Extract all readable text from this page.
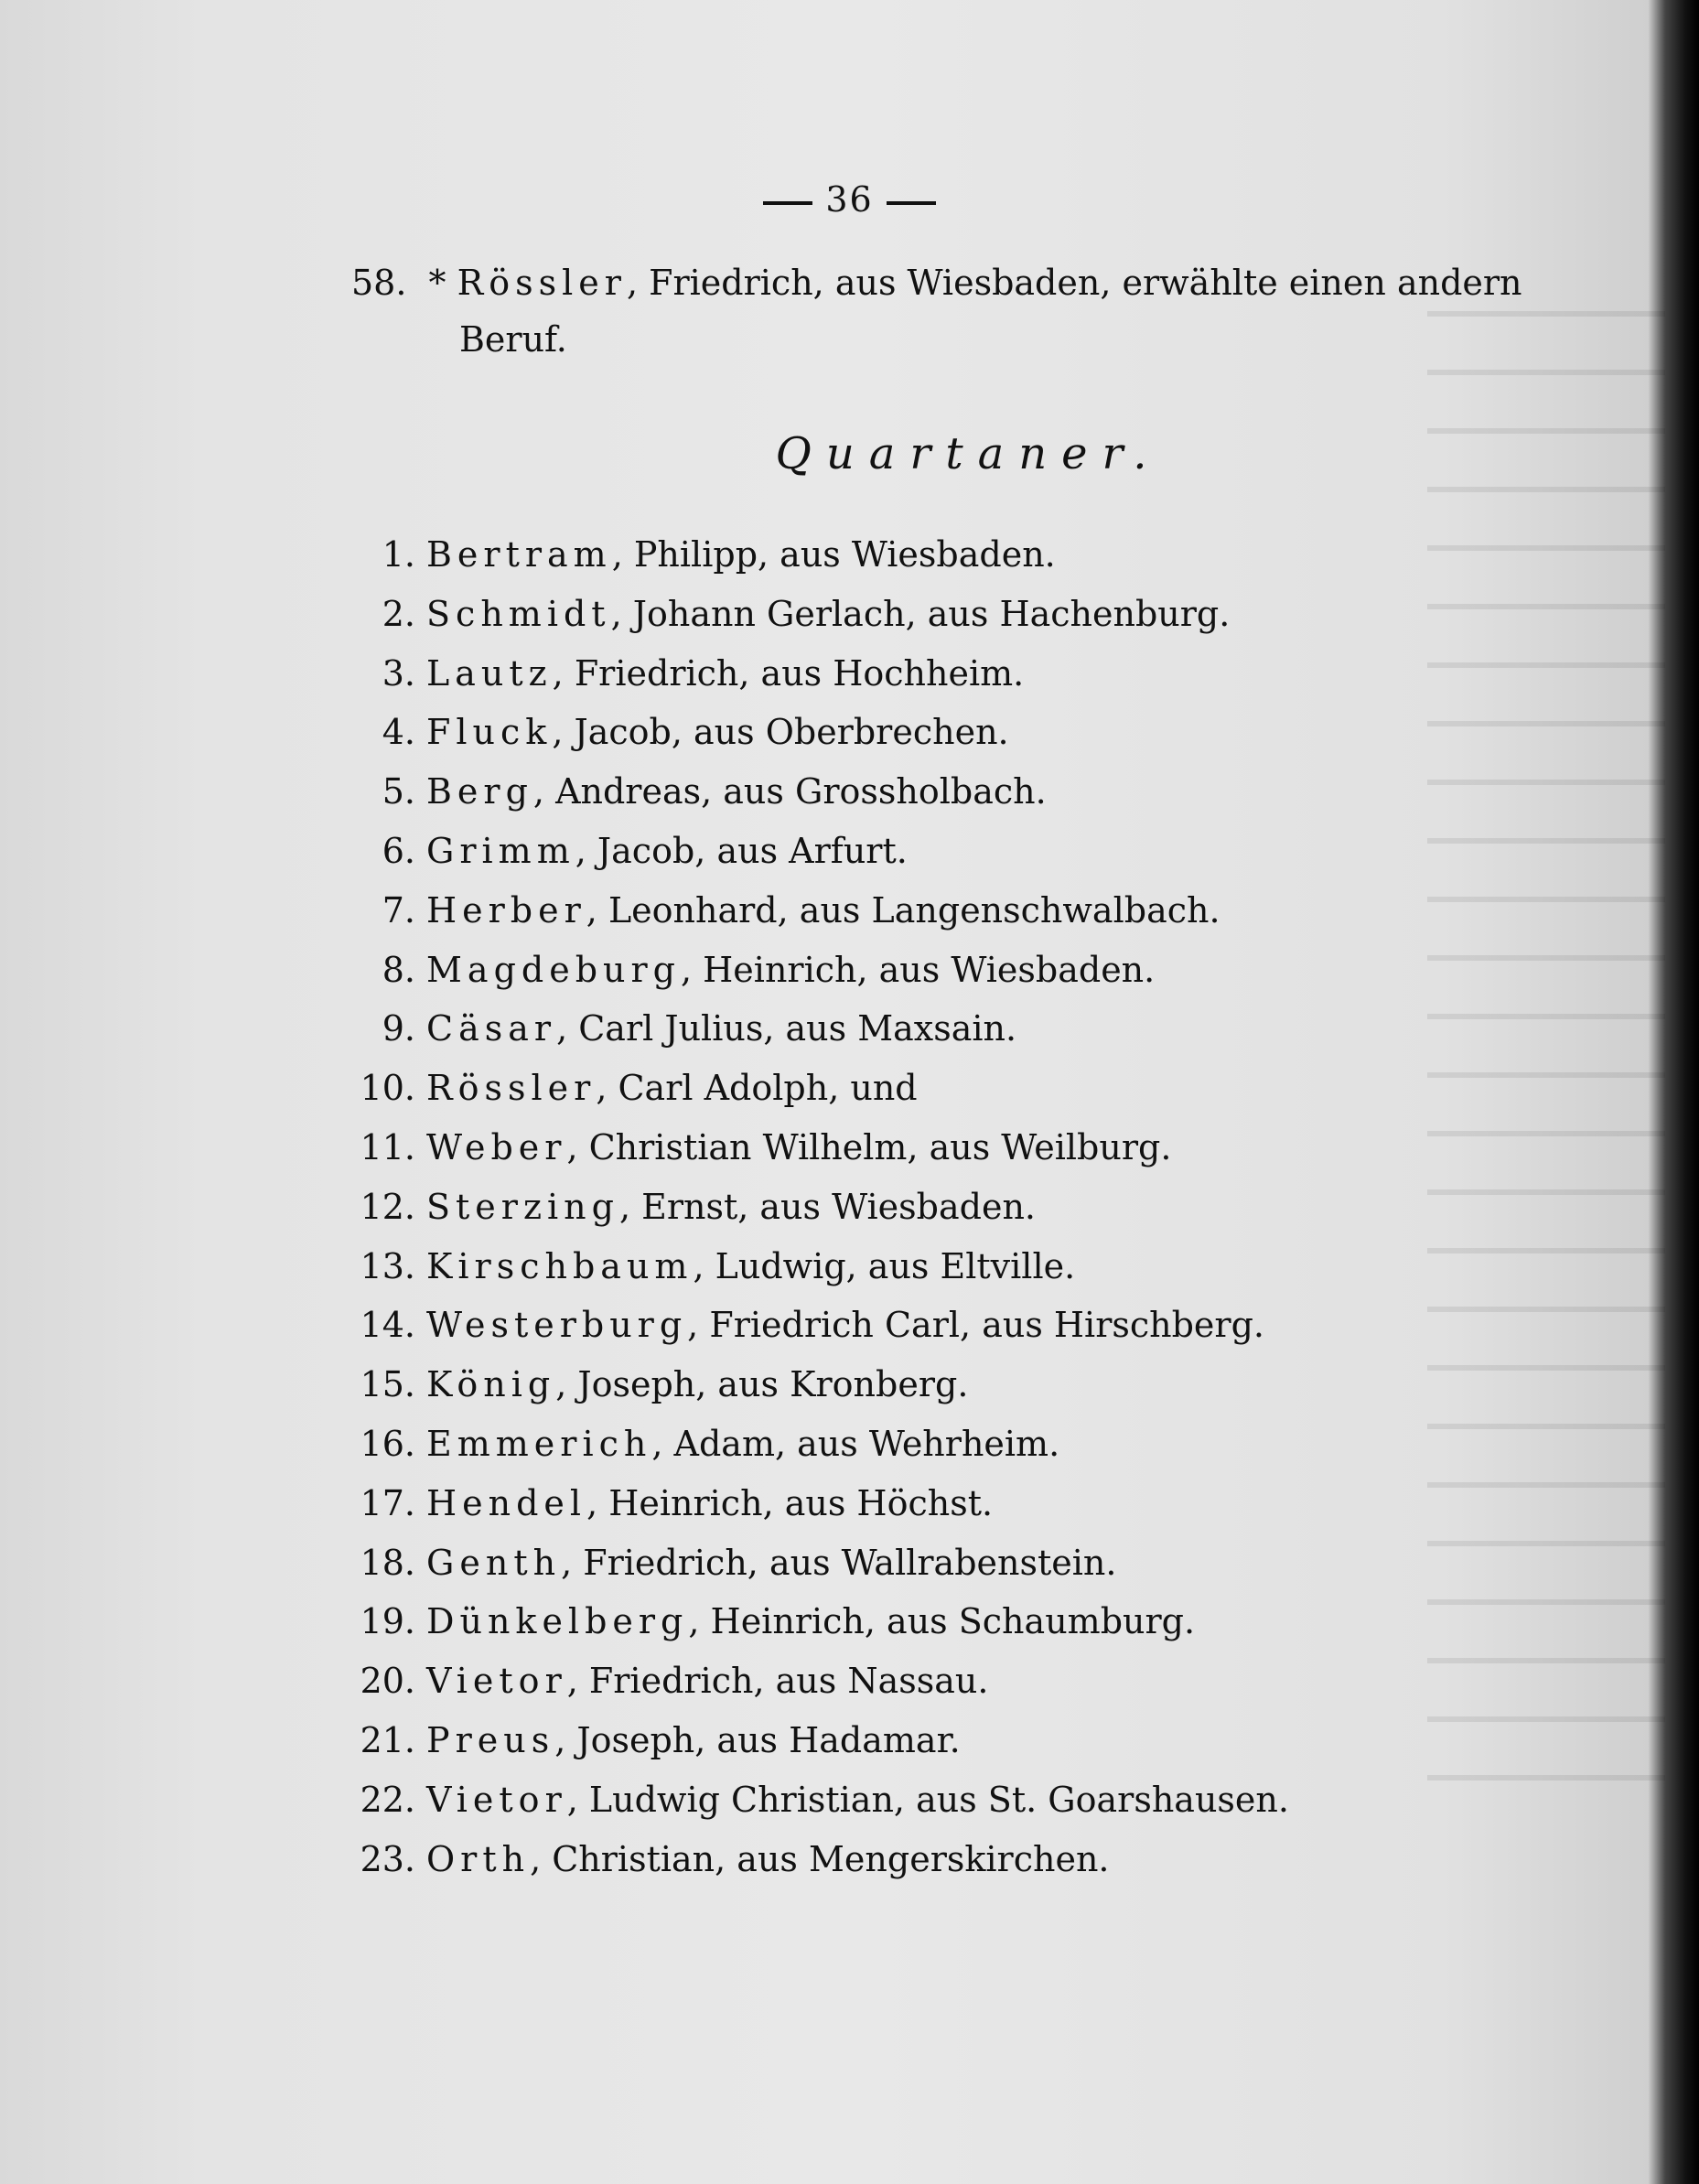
36
58. * Rössler, Friedrich, aus Wiesbaden, erwählte einen andern
Beruf.
Quartaner.
1. Bertram, Philipp, aus Wiesbaden.
2. Schmidt, Johann Gerlach, aus Hachenburg.
3. Lautz, Friedrich, aus Hochheim.
4. Fluck, Jacob, aus Oberbrechen.
5. Berg, Andreas, aus Grossholbach.
6. Grimm, Jacob, aus Arfurt.
7. Herber, Leonhard, aus Langenschwalbach.
8. Magdeburg, Heinrich, aus Wiesbaden.
9. Cäsar, Carl Julius, aus Maxsain.
10. Rössler, Carl Adolph, und
11. Weber, Christian Wilhelm, aus Weilburg.
12. Sterzing, Ernst, aus Wiesbaden.
13. Kirschbaum, Ludwig, aus Eltville.
14. Westerburg, Friedrich Carl, aus Hirschberg.
15. König, Joseph, aus Kronberg.
16. Emmerich, Adam, aus Wehrheim.
17. Hendel, Heinrich, aus Höchst.
18. Genth, Friedrich, aus Wallrabenstein.
19. Dünkelberg, Heinrich, aus Schaumburg.
20. Vietor, Friedrich, aus Nassau.
21. Preus, Joseph, aus Hadamar.
22. Vietor, Ludwig Christian, aus St. Goarshausen.
23. Orth, Christian, aus Mengerskirchen.
